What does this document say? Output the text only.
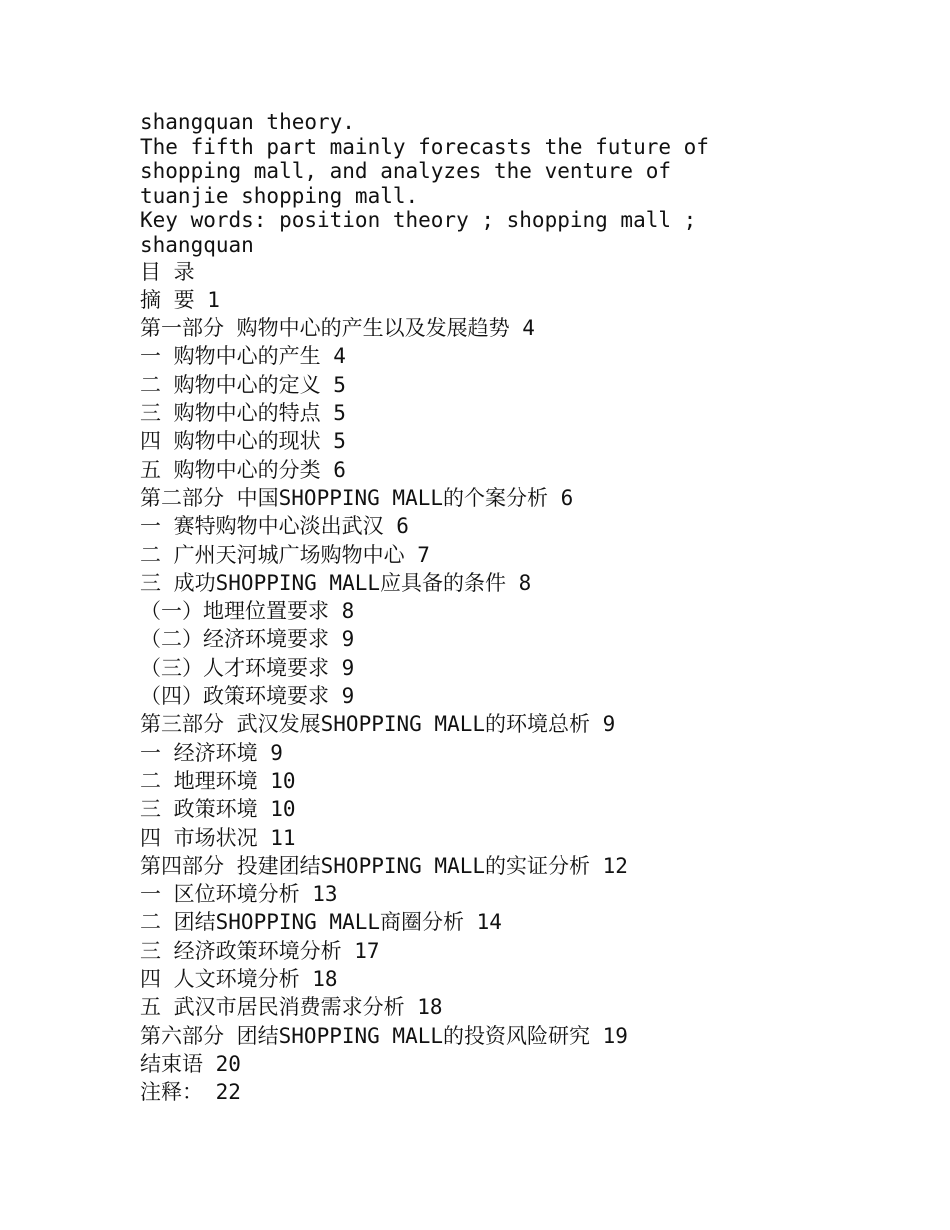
shangquan theory.
The fifth part mainly forecasts the future of
shopping mall, and analyzes the venture of
tuanjie shopping mall.
Key words: position theory ; shopping mall ;
shangquan
目 录
摘 要 1
第一部分 购物中心的产生以及发展趋势 4
一 购物中心的产生 4
二 购物中心的定义 5
三 购物中心的特点 5
四 购物中心的现状 5
五 购物中心的分类 6
第二部分 中国SHOPPING MALL的个案分析 6
一 赛特购物中心淡出武汉 6
二 广州天河城广场购物中心 7
三 成功SHOPPING MALL应具备的条件 8
（一）地理位置要求 8
（二）经济环境要求 9
（三）人才环境要求 9
（四）政策环境要求 9
第三部分 武汉发展SHOPPING MALL的环境总析 9
一 经济环境 9
二 地理环境 10
三 政策环境 10
四 市场状况 11
第四部分 投建团结SHOPPING MALL的实证分析 12
一 区位环境分析 13
二 团结SHOPPING MALL商圈分析 14
三 经济政策环境分析 17
四 人文环境分析 18
五 武汉市居民消费需求分析 18
第六部分 团结SHOPPING MALL的投资风险研究 19
结束语 20
注释： 22
